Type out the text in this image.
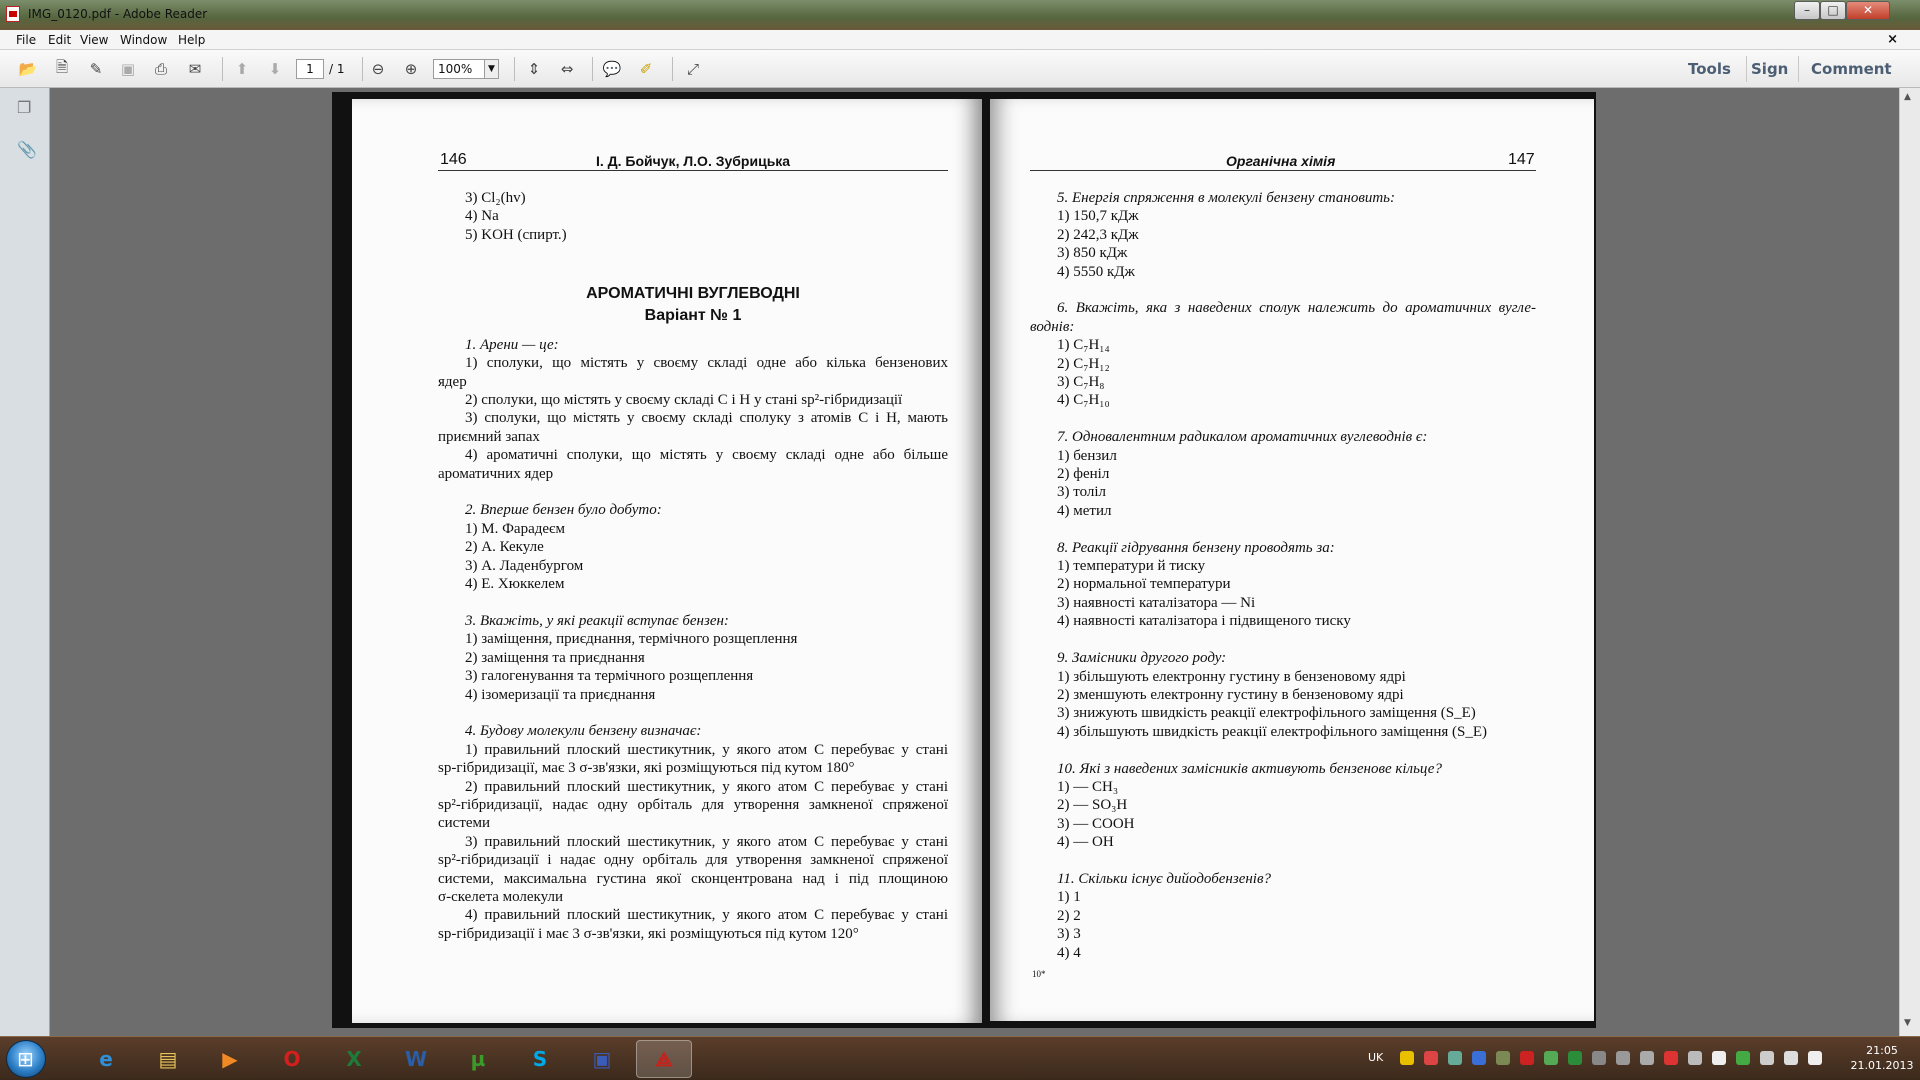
IMG_0120.pdf - Adobe Reader	–	□	✕
File Edit View Window Help	×
📂	🗎	✎	▣	⎙	✉	⬆	⬇	1	/ 1	⊖	⊕	100%	▼	⇕	⇔	💬	✐	⤢	Tools Sign Comment
❐
📎
146	І. Д. Бойчук, Л.О. Зубрицька
3) Cl₂(hv)
4) Na
5) KOH (спирт.)
АРОМАТИЧНІ ВУГЛЕВОДНІ
Варіант № 1
1. Арени — це:
1) сполуки, що містять у своєму складі одне або кілька бензенових
ядер
2) сполуки, що містять у своєму складі С і Н у стані sp²-гібридизації
3) сполуки, що містять у своєму складі сполуку з атомів С і Н, мають
приємний запах
4) ароматичні сполуки, що містять у своєму складі одне або більше
ароматичних ядер
2. Вперше бензен було добуто:
1) М. Фарадеєм
2) А. Кекуле
3) А. Ладенбургом
4) Е. Хюккелем
3. Вкажіть, у які реакції вступає бензен:
1) заміщення, приєднання, термічного розщеплення
2) заміщення та приєднання
3) галогенування та термічного розщеплення
4) ізомеризації та приєднання
4. Будову молекули бензену визначає:
1) правильний плоский шестикутник, у якого атом С перебуває у стані
sp-гібридизації, має 3 σ-зв'язки, які розміщуються під кутом 180°
2) правильний плоский шестикутник, у якого атом С перебуває у стані
sp²-гібридизації, надає одну орбіталь для утворення замкненої спряженої
системи
3) правильний плоский шестикутник, у якого атом С перебуває у стані
sp²-гібридизації і надає одну орбіталь для утворення замкненої спряженої
системи, максимальна густина якої сконцентрована над і під площиною
σ-скелета молекули
4) правильний плоский шестикутник, у якого атом С перебуває у стані
sp-гібридизації і має 3 σ-зв'язки, які розміщуються під кутом 120°
Органічна хімія	147
5. Енергія спряження в молекулі бензену становить:
1) 150,7 кДж
2) 242,3 кДж
3) 850 кДж
4) 5550 кДж
6. Вкажіть, яка з наведених сполук належить до ароматичних вугле-
воднів:
1) C₇H₁₄
2) C₇H₁₂
3) C₇H₈
4) C₇H₁₀
7. Одновалентним радикалом ароматичних вуглеводнів є:
1) бензил
2) феніл
3) толіл
4) метил
8. Реакції гідрування бензену проводять за:
1) температури й тиску
2) нормальної температури
3) наявності каталізатора — Ni
4) наявності каталізатора і підвищеного тиску
9. Замісники другого роду:
1) збільшують електронну густину в бензеновому ядрі
2) зменшують електронну густину в бензеновому ядрі
3) знижують швидкість реакції електрофільного заміщення (S_E)
4) збільшують швидкість реакції електрофільного заміщення (S_E)
10. Які з наведених замісників активують бензенове кільце?
1) — CH₃
2) — SO₃H
3) — COOH
4) — OH
11. Скільки існує дийодобензенів?
1) 1
2) 2
3) 3
4) 4
10*
▲
▼
⊞
e ▤ ▶ O X W µ S ▣ ⟁	UK
21:05
21.01.2013
